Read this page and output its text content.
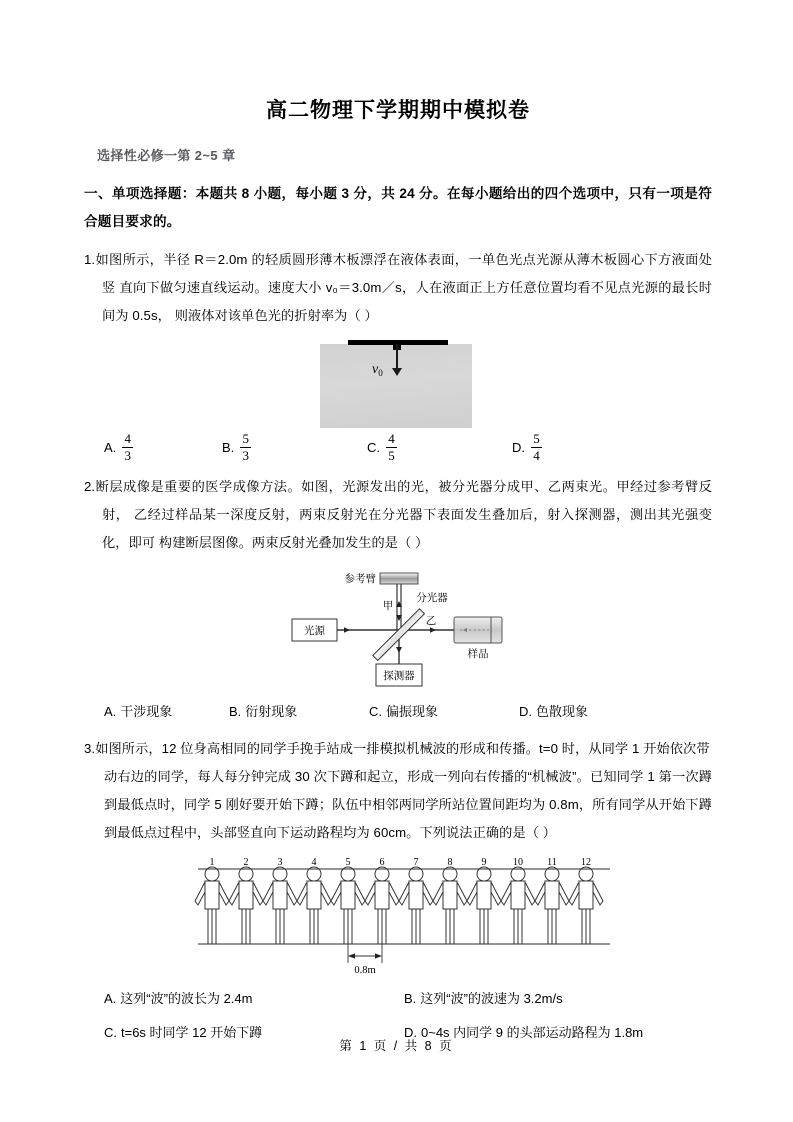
高二物理下学期期中模拟卷
选择性必修一第 2~5 章
一、单项选择题：本题共 8 小题，每小题 3 分，共 24 分。在每小题给出的四个选项中，只有一项是符合题目要求的。
1.如图所示，半径 R＝2.0m 的轻质圆形薄木板漂浮在液体表面，一单色光点光源从薄木板圆心下方液面处竖 直向下做匀速直线运动。速度大小 v₀＝3.0m／s，人在液面正上方任意位置均看不见点光源的最长时间为 0.5s， 则液体对该单色光的折射率为（ ）
$v_0$
A. $\frac{4}{3}$	B. $\frac{5}{3}$	C. $\frac{4}{5}$	D. $\frac{5}{4}$
2.断层成像是重要的医学成像方法。如图，光源发出的光，被分光器分成甲、乙两束光。甲经过参考臂反射， 乙经过样品某一深度反射，两束反射光在分光器下表面发生叠加后，射入探测器，测出其光强变化，即可 构建断层图像。两束反射光叠加发生的是（ ）
光源
探测器
参考臂
分光器
甲
乙
样品
A. 干涉现象	B. 衍射现象	C. 偏振现象	D. 色散现象
3.如图所示，12 位身高相同的同学手挽手站成一排模拟机械波的形成和传播。t=0 时，从同学 1 开始依次带
动右边的同学，每人每分钟完成 30 次下蹲和起立，形成一列向右传播的“机械波”。已知同学 1 第一次蹲 到最低点时，同学 5 刚好要开始下蹲；队伍中相邻两同学所站位置间距均为 0.8m，所有同学从开始下蹲 到最低点过程中，头部竖直向下运动路程均为 60cm。下列说法正确的是（ ）
1	2	3	4	5	6	7	8	9	10 11 12
0.8m
A. 这列“波”的波长为 2.4m	B. 这列“波”的波速为 3.2m/s
C. t=6s 时同学 12 开始下蹲	D. 0~4s 内同学 9 的头部运动路程为 1.8m
第 1 页 / 共 8 页
